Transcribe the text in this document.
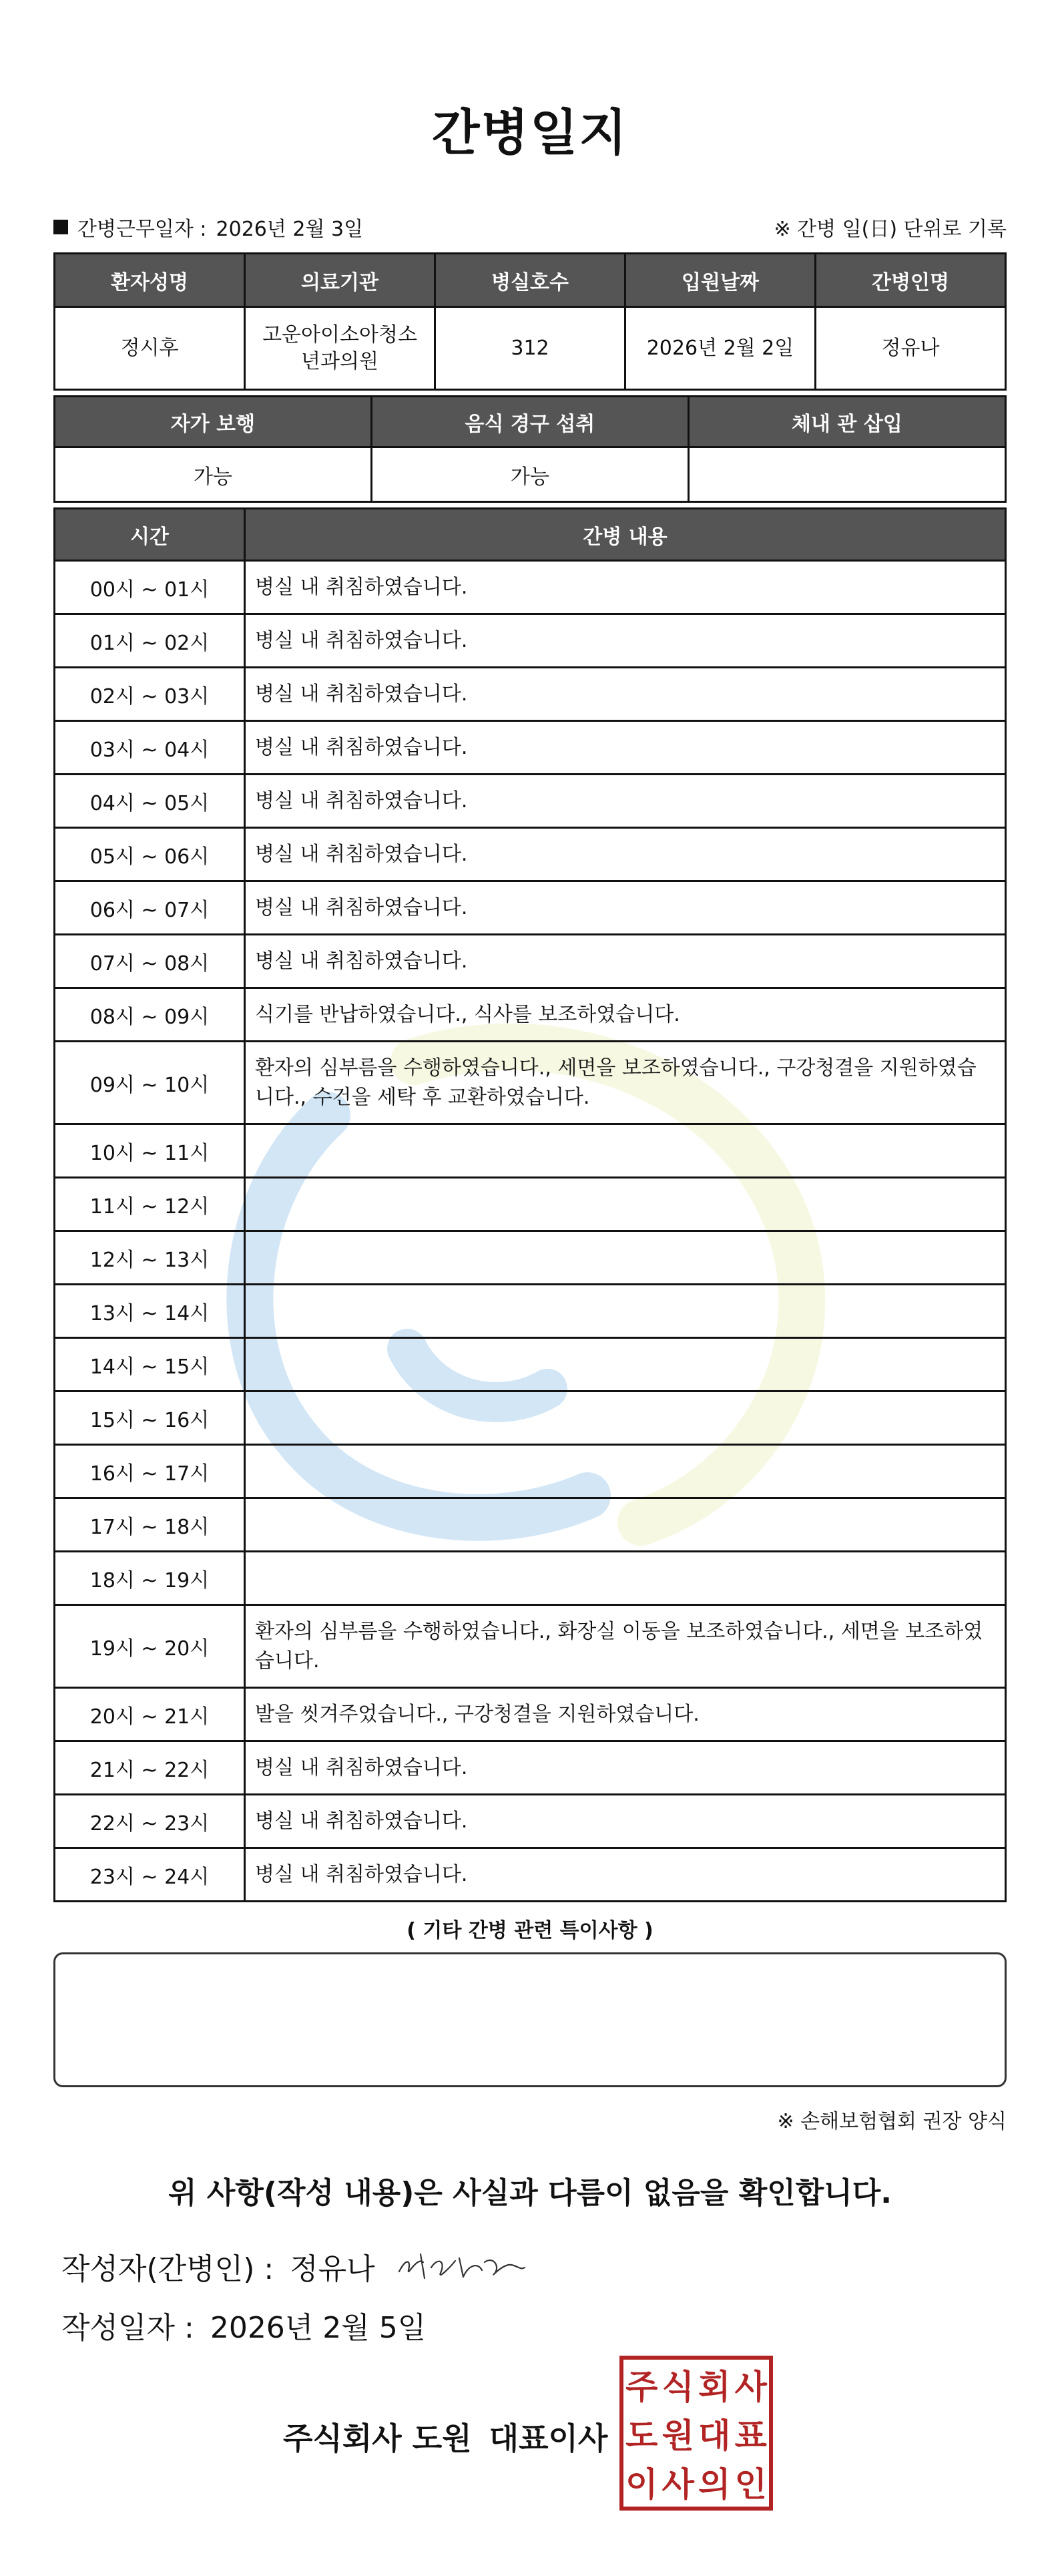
간병일지
간병근무일자 : 2026년 2월 3일	※ 간병 일(日) 단위로 기록
환자성명	의료기관	병실호수	입원날짜	간병인명
정시후	고운아이소아청소년과의원	312	2026년 2월 2일	정유나
자가 보행	음식 경구 섭취	체내 관 삽입
가능	가능	
시간	간병 내용
00시 ~ 01시	병실 내 취침하였습니다.
01시 ~ 02시	병실 내 취침하였습니다.
02시 ~ 03시	병실 내 취침하였습니다.
03시 ~ 04시	병실 내 취침하였습니다.
04시 ~ 05시	병실 내 취침하였습니다.
05시 ~ 06시	병실 내 취침하였습니다.
06시 ~ 07시	병실 내 취침하였습니다.
07시 ~ 08시	병실 내 취침하였습니다.
08시 ~ 09시	식기를 반납하였습니다., 식사를 보조하였습니다.
09시 ~ 10시	환자의 심부름을 수행하였습니다., 세면을 보조하였습니다., 구강청결을 지원하였습니다., 수건을 세탁 후 교환하였습니다.
10시 ~ 11시	
11시 ~ 12시	
12시 ~ 13시	
13시 ~ 14시	
14시 ~ 15시	
15시 ~ 16시	
16시 ~ 17시	
17시 ~ 18시	
18시 ~ 19시	
19시 ~ 20시	환자의 심부름을 수행하였습니다., 화장실 이동을 보조하였습니다., 세면을 보조하였습니다.
20시 ~ 21시	발을 씻겨주었습니다., 구강청결을 지원하였습니다.
21시 ~ 22시	병실 내 취침하였습니다.
22시 ~ 23시	병실 내 취침하였습니다.
23시 ~ 24시	병실 내 취침하였습니다.
( 기타 간병 관련 특이사항 )
※ 손해보험협회 권장 양식
위 사항(작성 내용)은 사실과 다름이 없음을 확인합니다.
작성자(간병인) : 정유나
작성일자 : 2026년 2월 5일
주식회사 도원 대표이사
주 식 회 사
도 원 대 표
이 사 의 인
